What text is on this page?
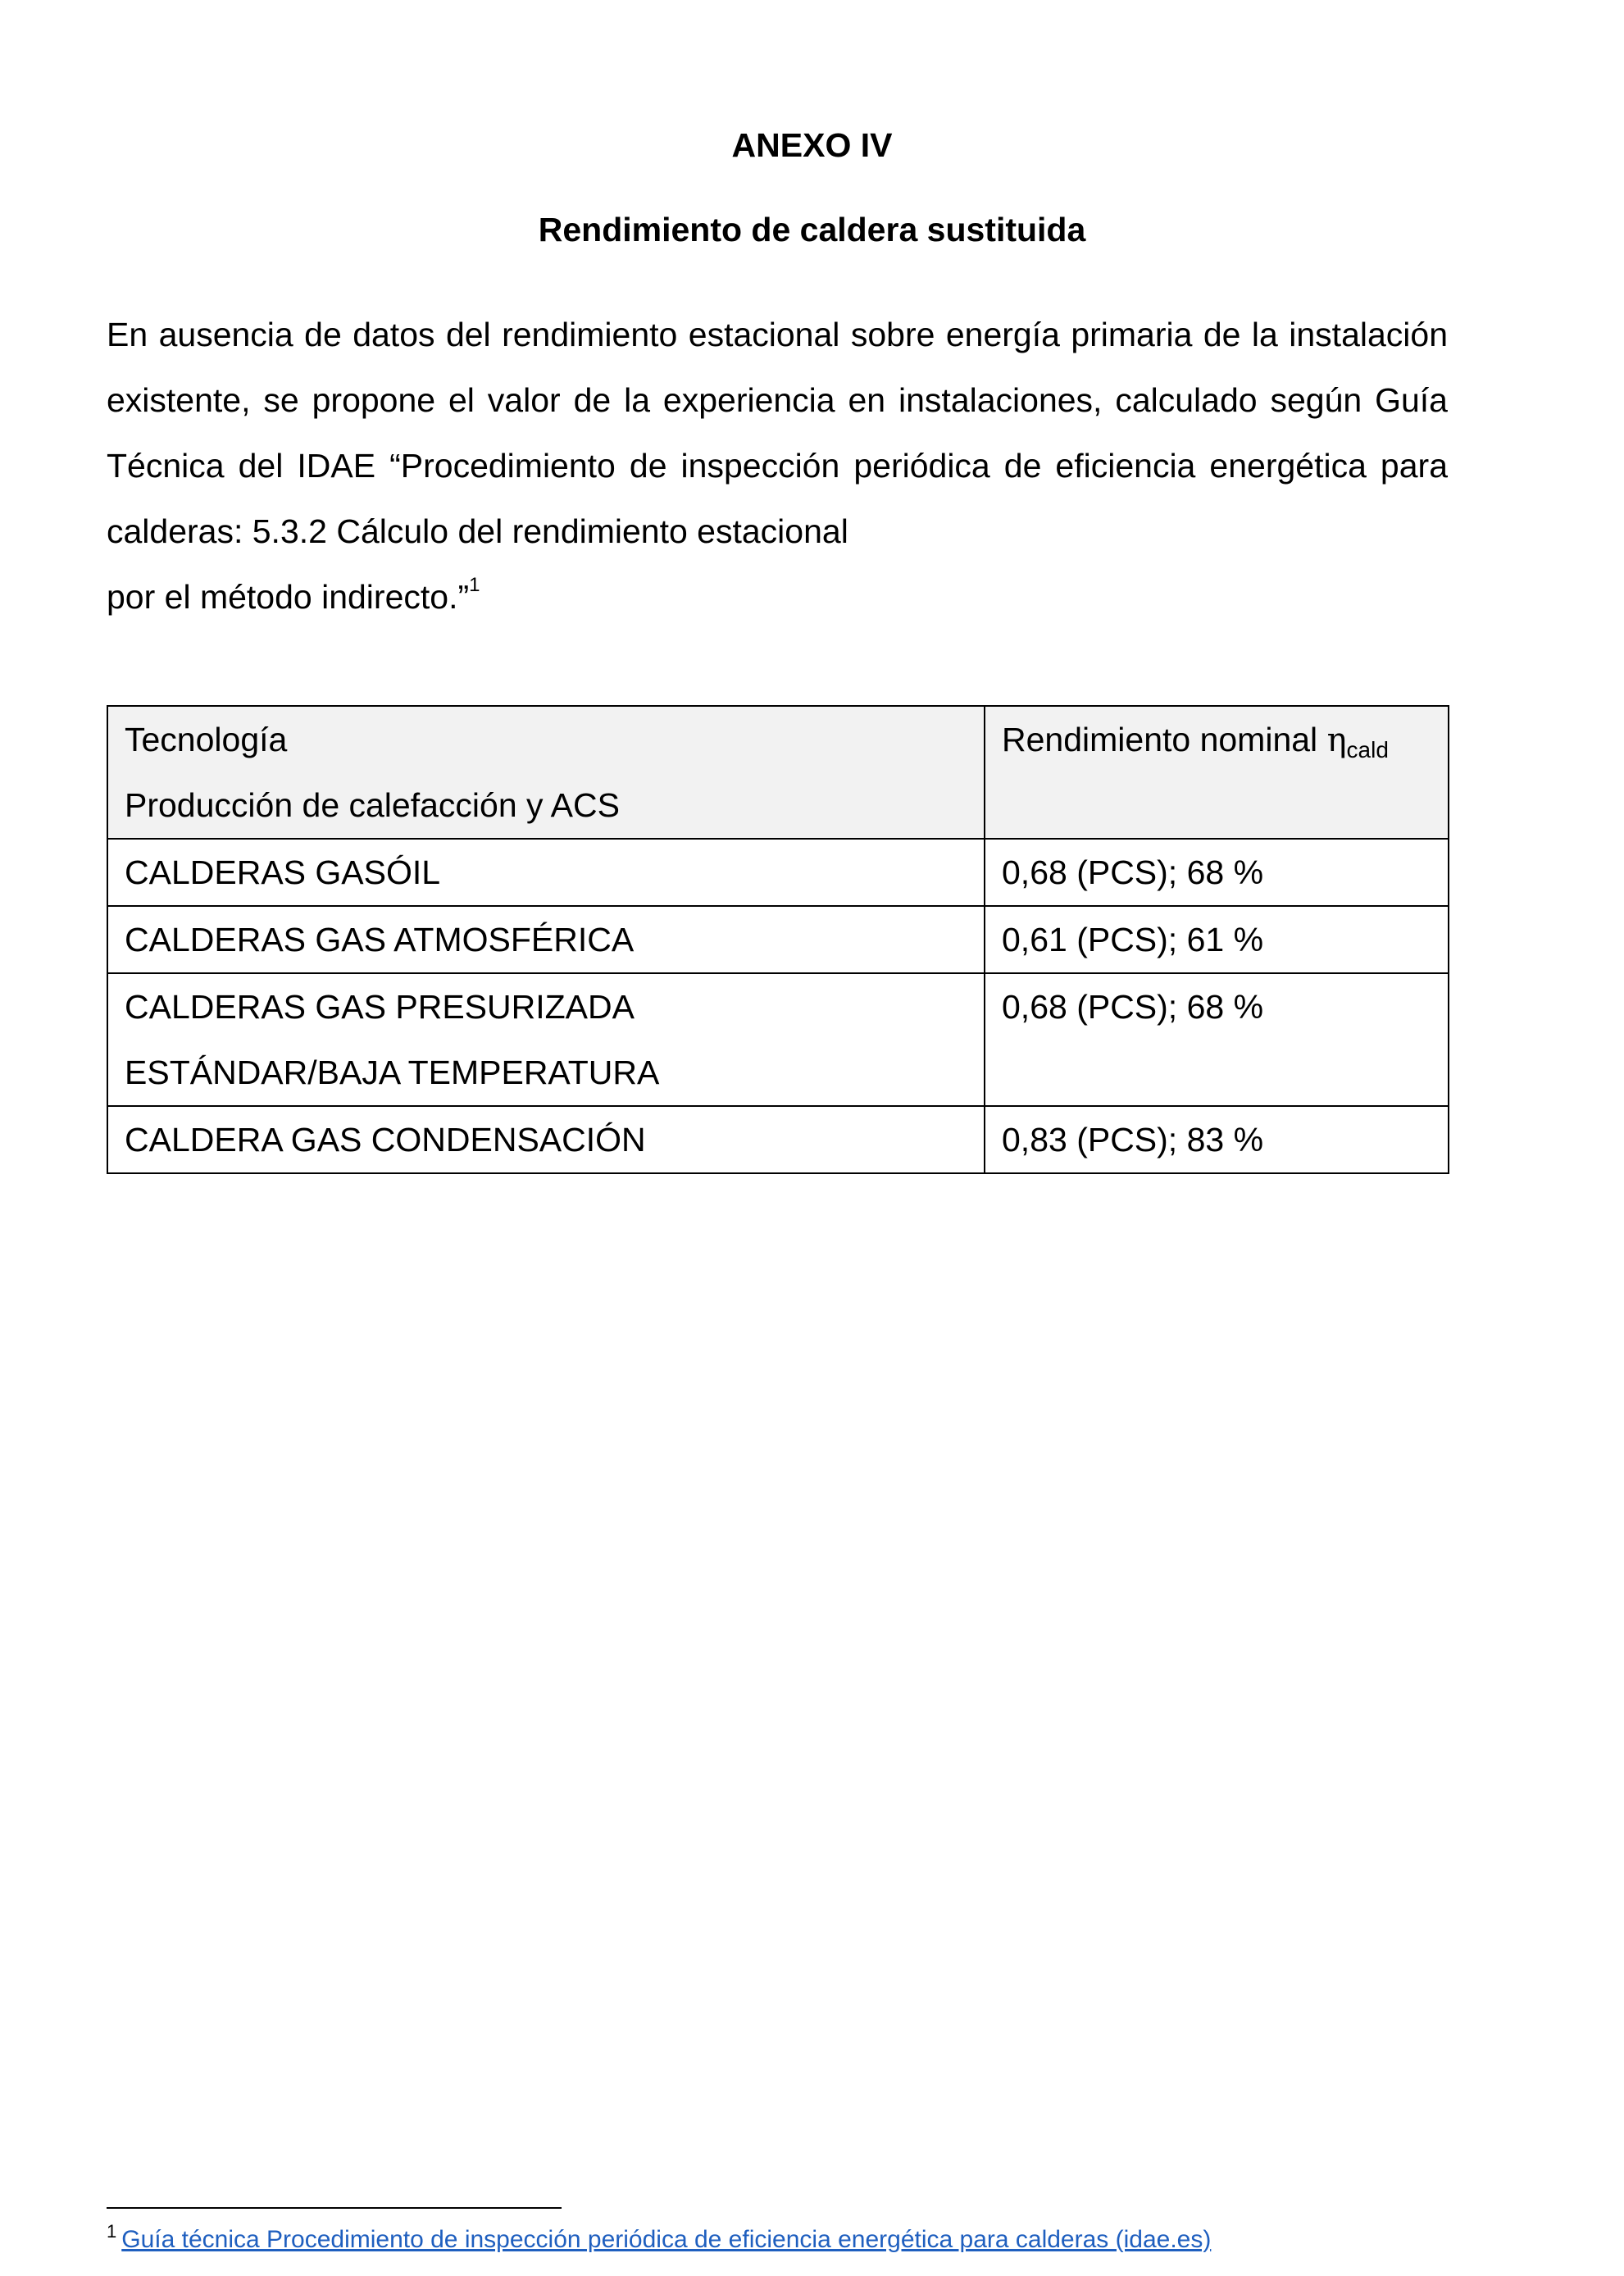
ANEXO IV
Rendimiento de caldera sustituida
En ausencia de datos del rendimiento estacional sobre energía primaria de la instalación existente, se propone el valor de la experiencia en instalaciones, calculado según Guía Técnica del IDAE “Procedimiento de inspección periódica de eficiencia energética para calderas: 5.3.2 Cálculo del rendimiento estacional
por el método indirecto.”$^1$
Tecnología
Producción de calefacción y ACS	Rendimiento nominal ηcald

CALDERAS GASÓIL	0,68 (PCS); 68 %

CALDERAS GAS ATMOSFÉRICA	0,61 (PCS); 61 %

CALDERAS GAS PRESURIZADA
ESTÁNDAR/BAJA TEMPERATURA	0,68 (PCS); 68 %

CALDERA GAS CONDENSACIÓN	0,83 (PCS); 83 %

$^1$ Guía técnica Procedimiento de inspección periódica de eficiencia energética para calderas (idae.es)
